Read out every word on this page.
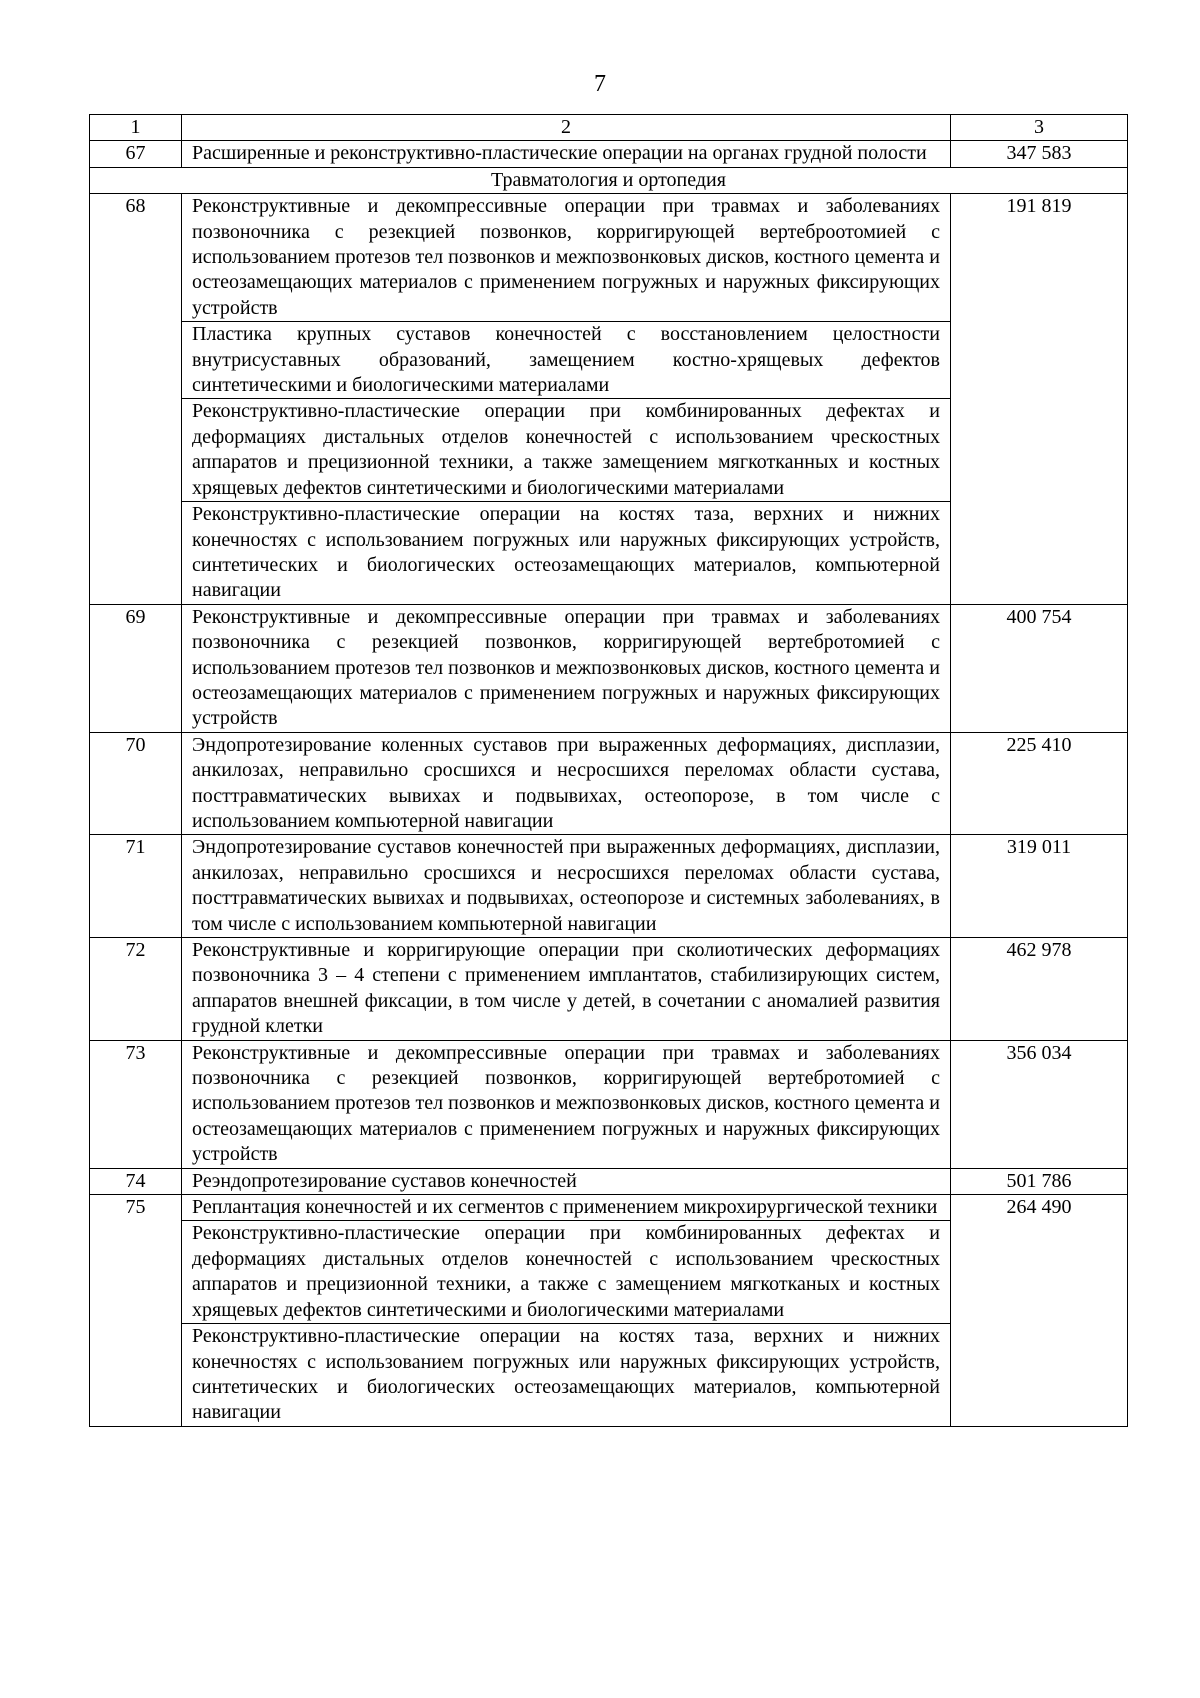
7
1	2	3
67	Расширенные и реконструктивно-пластические операции на органах грудной полости	347 583
Травматология и ортопедия		
68	Реконструктивные и декомпрессивные операции при травмах и заболеваниях позвоночника с резекцией позвонков, корригирующей вертеброотомией с использованием протезов тел позвонков и межпозвонковых дисков, костного цемента и остеозамещающих материалов с применением погружных и наружных фиксирующих устройств	191 819
	Пластика крупных суставов конечностей с восстановлением целостности внутрисуставных образований, замещением костно-хрящевых дефектов синтетическими и биологическими материалами	
	Реконструктивно-пластические операции при комбинированных дефектах и деформациях дистальных отделов конечностей с использованием чрескостных аппаратов и прецизионной техники, а также замещением мягкотканных и костных хрящевых дефектов синтетическими и биологическими материалами	
	Реконструктивно-пластические операции на костях таза, верхних и нижних конечностях с использованием погружных или наружных фиксирующих устройств, синтетических и биологических остеозамещающих материалов, компьютерной навигации	
69	Реконструктивные и декомпрессивные операции при травмах и заболеваниях позвоночника с резекцией позвонков, корригирующей вертебротомией с использованием протезов тел позвонков и межпозвонковых дисков, костного цемента и остеозамещающих материалов с применением погружных и наружных фиксирующих устройств	400 754
70	Эндопротезирование коленных суставов при выраженных деформациях, дисплазии, анкилозах, неправильно сросшихся и несросшихся переломах области сустава, посттравматических вывихах и подвывихах, остеопорозе, в том числе с использованием компьютерной навигации	225 410
71	Эндопротезирование суставов конечностей при выраженных деформациях, дисплазии, анкилозах, неправильно сросшихся и несросшихся переломах области сустава, посттравматических вывихах и подвывихах, остеопорозе и системных заболеваниях, в том числе с использованием компьютерной навигации	319 011
72	Реконструктивные и корригирующие операции при сколиотических деформациях позвоночника 3 – 4 степени с применением имплантатов, стабилизирующих систем, аппаратов внешней фиксации, в том числе у детей, в сочетании с аномалией развития грудной клетки	462 978
73	Реконструктивные и декомпрессивные операции при травмах и заболеваниях позвоночника с резекцией позвонков, корригирующей вертебротомией с использованием протезов тел позвонков и межпозвонковых дисков, костного цемента и остеозамещающих материалов с применением погружных и наружных фиксирующих устройств	356 034
74	Реэндопротезирование суставов конечностей	501 786
75	Реплантация конечностей и их сегментов с применением микрохирургической техники	264 490
	Реконструктивно-пластические операции при комбинированных дефектах и деформациях дистальных отделов конечностей с использованием чрескостных аппаратов и прецизионной техники, а также с замещением мягкотканых и костных хрящевых дефектов синтетическими и биологическими материалами	
	Реконструктивно-пластические операции на костях таза, верхних и нижних конечностях с использованием погружных или наружных фиксирующих устройств, синтетических и биологических остеозамещающих материалов, компьютерной навигации	
